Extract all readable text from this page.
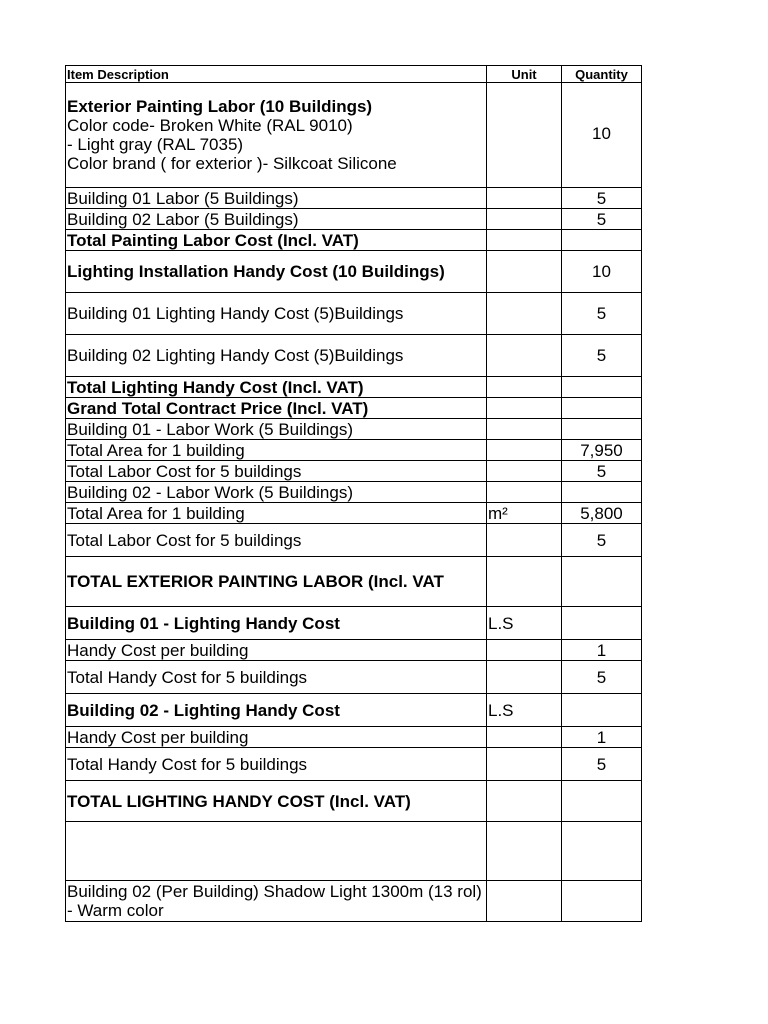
Item Description	Unit	Quantity

Exterior Painting Labor (10 Buildings)
Color code- Broken White (RAL 9010)
- Light gray (RAL 7035)
Color brand ( for exterior )- Silkcoat Silicone		10
Building 01 Labor (5 Buildings)		5
Building 02 Labor (5 Buildings)		5
Total Painting Labor Cost (Incl. VAT)		
Lighting Installation Handy Cost (10 Buildings)		10
Building 01 Lighting Handy Cost (5)Buildings		5
Building 02 Lighting Handy Cost (5)Buildings		5
Total Lighting Handy Cost (Incl. VAT)		
Grand Total Contract Price (Incl. VAT)		
Building 01 - Labor Work (5 Buildings)		
Total Area for 1 building		7,950
Total Labor Cost for 5 buildings		5
Building 02 - Labor Work (5 Buildings)		
Total Area for 1 building	m²	5,800
Total Labor Cost for 5 buildings		5
TOTAL EXTERIOR PAINTING LABOR (Incl. VAT		
Building 01 - Lighting Handy Cost	L.S	
Handy Cost per building		1
Total Handy Cost for 5 buildings		5
Building 02 - Lighting Handy Cost	L.S	
Handy Cost per building		1
Total Handy Cost for 5 buildings		5
TOTAL LIGHTING HANDY COST (Incl. VAT)		

Building 02 (Per Building) Shadow Light 1300m (13 rol) - Warm color		
